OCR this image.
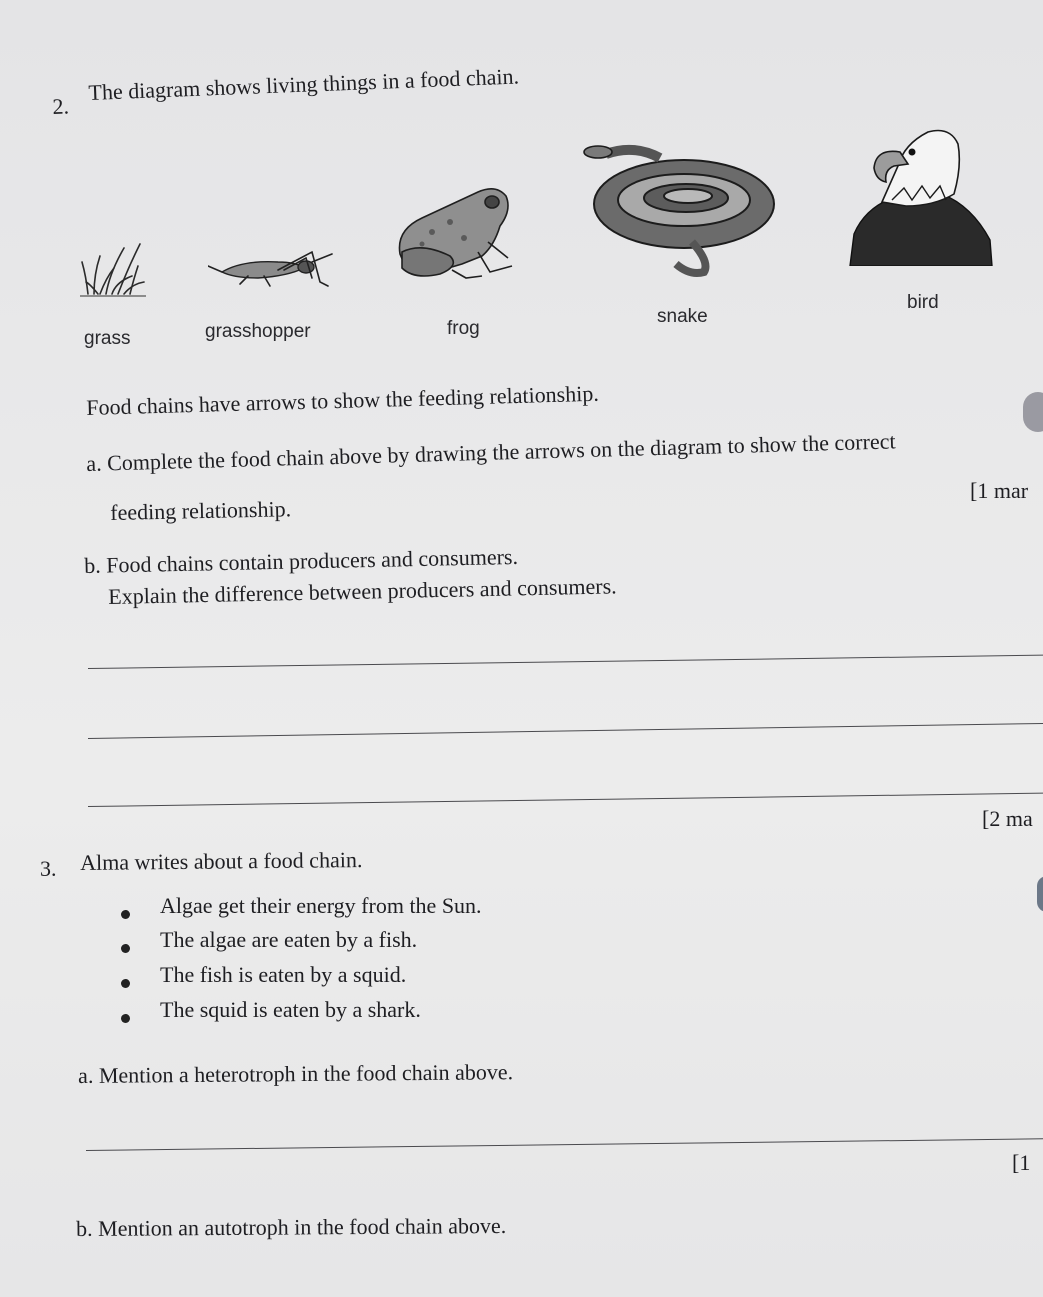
2.
The diagram shows living things in a food chain.
grass	grasshopper	frog
snake
bird
Food chains have arrows to show the feeding relationship.
a. Complete the food chain above by drawing the arrows on the diagram to show the correct
feeding relationship.
[1 mar
b. Food chains contain producers and consumers.
Explain the difference between producers and consumers.
[2 ma
3. Alma writes about a food chain.
Algae get their energy from the Sun.
The algae are eaten by a fish.
The fish is eaten by a squid.
The squid is eaten by a shark.
a. Mention a heterotroph in the food chain above.
[1
b. Mention an autotroph in the food chain above.
